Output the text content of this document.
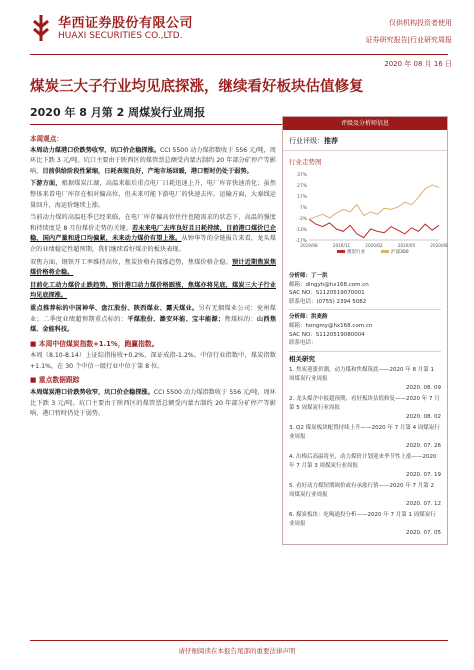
华西证券股份有限公司
HUAXI SECURITIES CO.,LTD.
仅供机构投资者使用
证券研究报告|行业研究周报
2020 年 08 月 16 日
煤炭三大子行业均见底探涨，继续看好板块估值修复
2020 年 8 月第 2 周煤炭行业周报
本周观点：

本周动力煤港口价跌势收窄，坑口价企稳探涨。CCI 5500 动力煤指数收于 556 元/吨，周环比下跌 3 元/吨。坑口主要由于陕西区的煤管票总额受内蒙古制约 20 年部分矿停产等影响，目前供给阶段性紧缩，日耗表现良好，产地市场回暖，港口暂时仍处于弱势。

下游方面，根据煤炭江湖，高温来临后重点电厂日耗迅速上升，电厂库存快速消化；虽然整体来看电厂库存在相对偏高位，但未来可能下游电厂的快速去库。运输方面，大秦线运量回升，海运价继续上涨。

当前动力煤的高温旺季已经来临，在电厂库存偏高位往往也随需求的状态下，高温的强度和持续度是 8 月份煤价走势的关键。若未来电厂去库良好且日耗持续，目前港口煤价已企稳，国内产量和进口均偏紧，未来动力煤价有望上涨。从钟华等的全链报告来看，龙头煤企的业绩稳定性超预期，我们继续看好煤企的板块表现。

双焦方面，钢铁开工率维持高位，焦炭价格有探涨趋势，焦煤价格企稳。预计近期焦炭焦煤价格将企稳。

目前化工动力煤价止跌趋势，预计港口动力煤价格跟涨，焦煤亦将见底，煤炭三大子行业均见底探涨。

重点推荐标的中国神华、盘江股份、陕西煤业、露天煤业。另有无烟煤业公司：兖州煤业；二季度业绩超预期重点标的：平煤股份、潞安环能、宝丰能源；焦煤标的：山西焦煤、金能科技。

■ 本周中信煤炭指数+1.1%，跑赢指数。

本周（8.10-8.14）上证综指报收+0.2%，深证成指-1.2%。中信行业指数中，煤炭指数+1.1%，在 30 个中信一级行业中位于第 8 位。

■ 重点数据跟踪

本周煤炭港口价跌势收窄，坑口价企稳探涨。CCI 5500 动力煤指数收于 556 元/吨，周环比下跌 3 元/吨。坑口主要由于陕西区的煤管票总额受内蒙古制约 20 年部分矿停产等影响，港口暂时仍处于弱势。

评级及分析师信息
行业评级：推荐
行业走势图
37%
27%
17%
7%
-3%
-13%
-17%
2019/08	2019/11	2020/02	2020/05	2020/08
煤炭行业	沪深300
分析师：丁一洪
邮箱：dingyh@hx168.com.cn
SAC NO：S1120519070001
联系电话：(0755) 2394 5082
分析师：洪麦韵
邮箱：hongmy@hx168.com.cn
SAC NO：S1120519080004
联系电话：
相关研究
1. 焦炭迎涨价潮，动力煤和焦煤筑底——2020 年 8 月第 1 周煤炭行业周报
2020. 08. 09
2. 龙头煤企中报超预期，看好板块估值修复——2020 年 7 月第 5 周煤炭行业周报
2020. 08. 02
3. Q2 煤炭板块配置持续上升——2020 年 7 月第 4 周煤炭行业周报
2020. 07. 26
4. 出梅后高温将至，动力煤价计划迎来季节性上涨——2020 年 7 月第 3 周煤炭行业周报
2020. 07. 19
5. 看好动力煤短期调价或有承涨行情——2020 年 7 月第 2 周煤炭行业周报
2020. 07. 12
6. 煤炭板块：吃喝通投分析——2020 年 7 月第 1 周煤炭行业周报
2020. 07. 05
请仔细阅读在本报告尾部的重要法律声明
